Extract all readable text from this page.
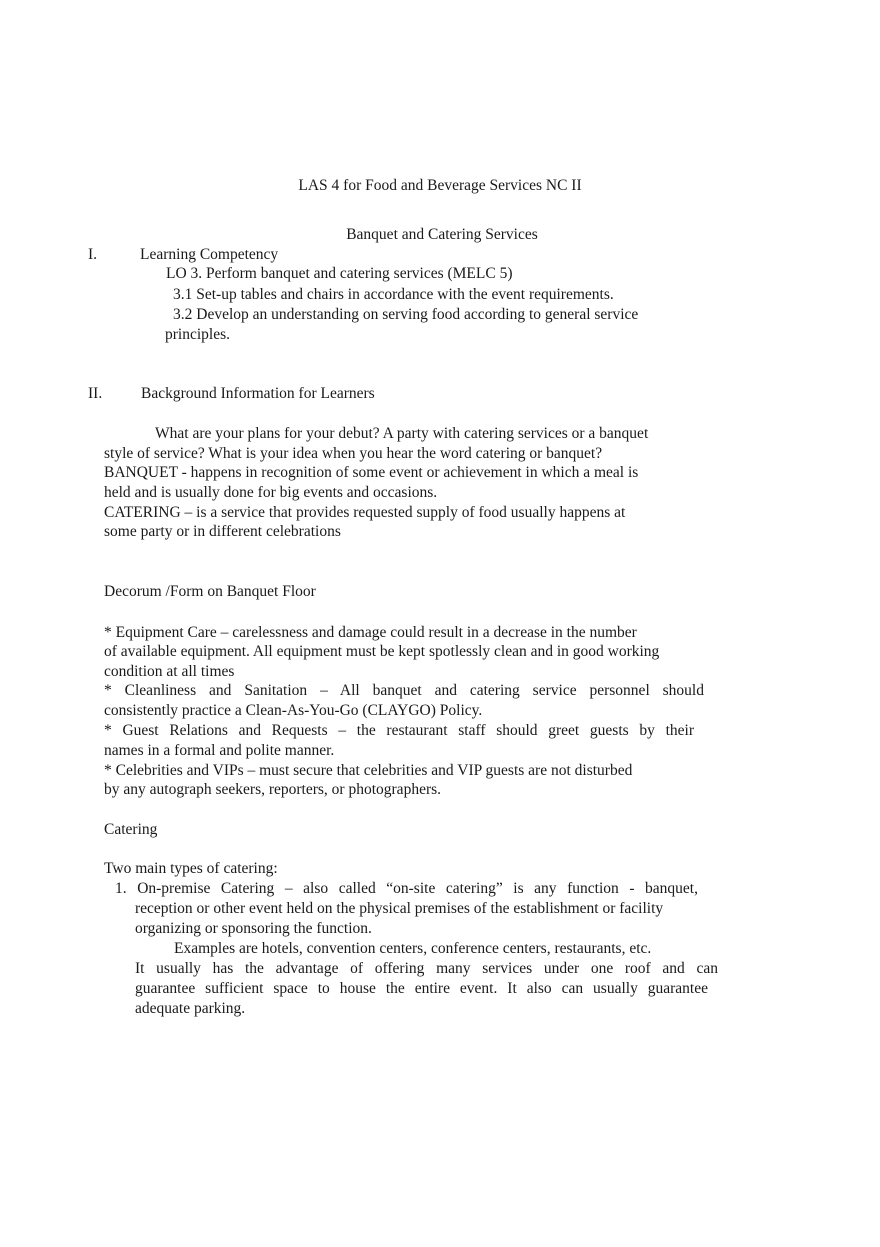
LAS 4 for Food and Beverage Services NC II
Banquet and Catering Services
I.	Learning Competency
LO 3. Perform banquet and catering services (MELC 5)
3.1 Set-up tables and chairs in accordance with the event requirements.
3.2 Develop an understanding on serving food according to general service
principles.
II.	Background Information for Learners
What are your plans for your debut? A party with catering services or a banquet
style of service? What is your idea when you hear the word catering or banquet?
BANQUET - happens in recognition of some event or achievement in which a meal is
held and is usually done for big events and occasions.
CATERING – is a service that provides requested supply of food usually happens at
some party or in different celebrations
Decorum /Form on Banquet Floor
* Equipment Care – carelessness and damage could result in a decrease in the number
of available equipment. All equipment must be kept spotlessly clean and in good working
condition at all times
* Cleanliness and Sanitation – All banquet and catering service personnel should
consistently practice a Clean-As-You-Go (CLAYGO) Policy.
* Guest Relations and Requests – the restaurant staff should greet guests by their
names in a formal and polite manner.
* Celebrities and VIPs – must secure that celebrities and VIP guests are not disturbed
by any autograph seekers, reporters, or photographers.
Catering
Two main types of catering:
1. On-premise Catering – also called “on-site catering” is any function - banquet,
reception or other event held on the physical premises of the establishment or facility
organizing or sponsoring the function.
Examples are hotels, convention centers, conference centers, restaurants, etc.
It usually has the advantage of offering many services under one roof and can
guarantee sufficient space to house the entire event. It also can usually guarantee
adequate parking.
